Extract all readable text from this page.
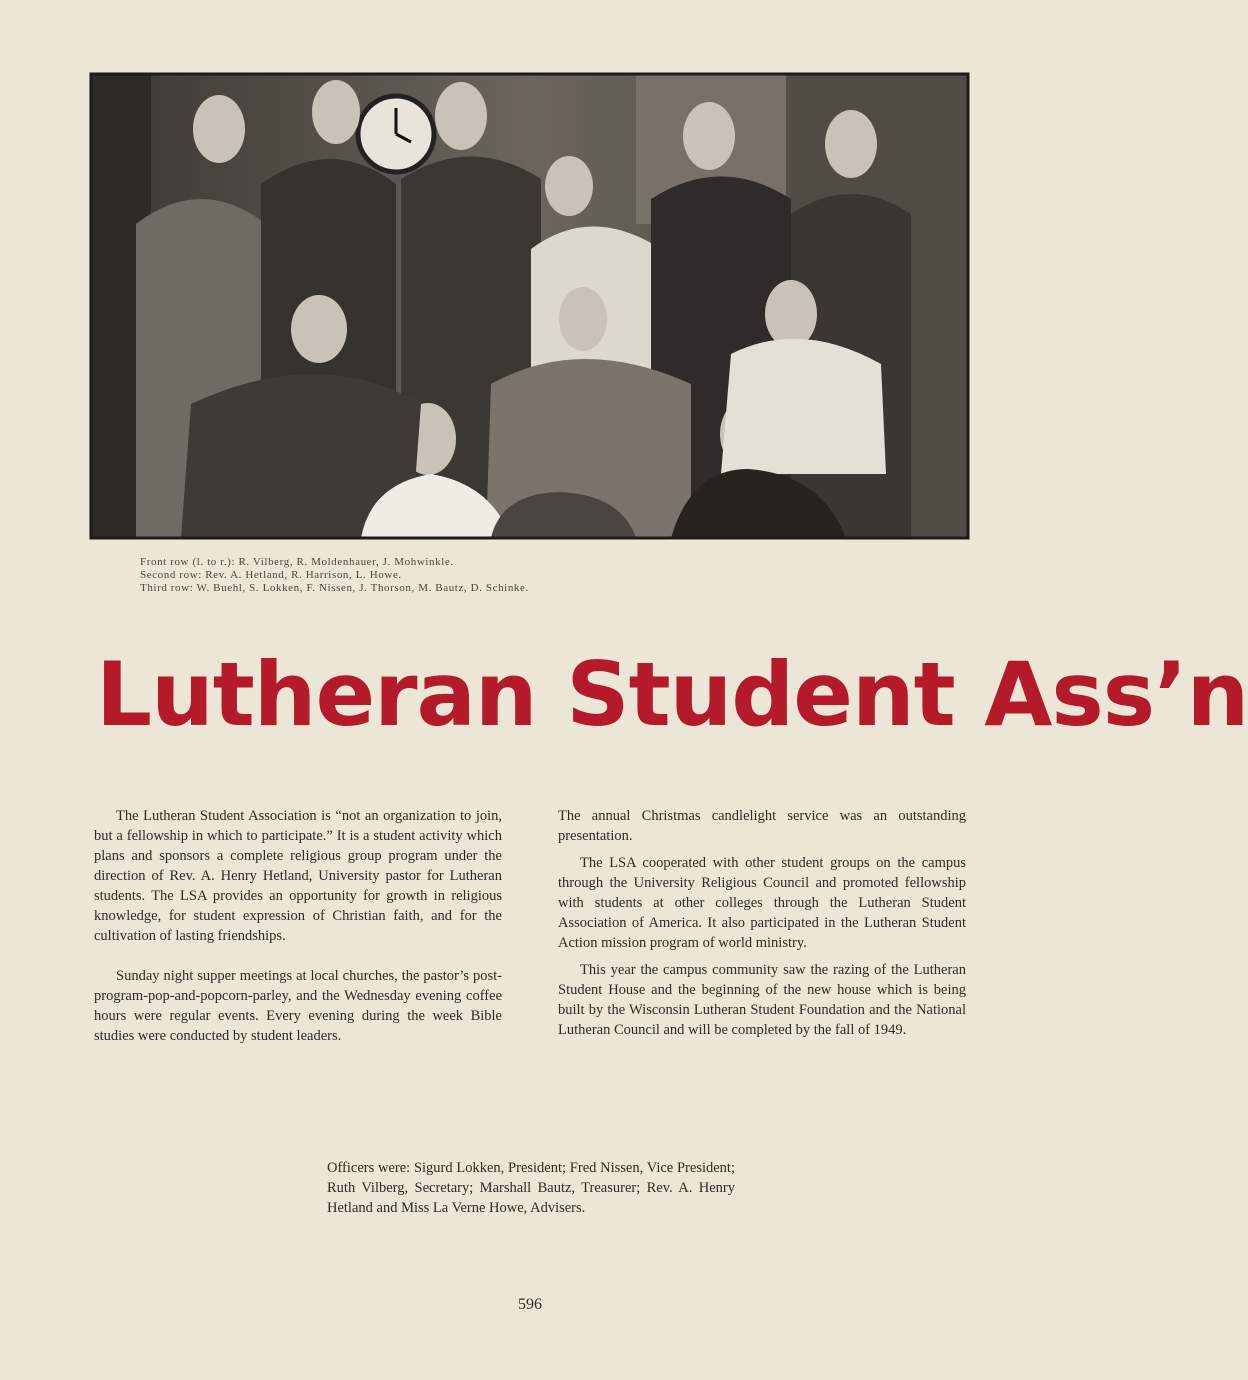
Front row (l. to r.): R. Vilberg, R. Moldenhauer, J. Mohwinkle.
Second row: Rev. A. Hetland, R. Harrison, L. Howe.
Third row: W. Buehl, S. Lokken, F. Nissen, J. Thorson, M. Bautz, D. Schinke.
Lutheran Student Ass’n

The Lutheran Student Association is “not an organization to join, but a fellowship in which to participate.” It is a student activity which plans and sponsors a complete religious group program under the direction of Rev. A. Henry Hetland, University pastor for Lutheran students. The LSA provides an opportunity for growth in religious knowledge, for student expression of Christian faith, and for the cultivation of lasting friendships.

Sunday night supper meetings at local churches, the pastor’s post-program-pop-and-popcorn-parley, and the Wednesday evening coffee hours were regular events. Every evening during the week Bible studies were conducted by student leaders.

The annual Christmas candlelight service was an outstanding presentation.

The LSA cooperated with other student groups on the campus through the University Religious Council and promoted fellowship with students at other colleges through the Lutheran Student Association of America. It also participated in the Lutheran Student Action mission program of world ministry.

This year the campus community saw the razing of the Lutheran Student House and the beginning of the new house which is being built by the Wisconsin Lutheran Student Foundation and the National Lutheran Council and will be completed by the fall of 1949.

Officers were: Sigurd Lokken, President; Fred Nissen, Vice President; Ruth Vilberg, Secretary; Marshall Bautz, Treasurer; Rev. A. Henry Hetland and Miss La Verne Howe, Advisers.
596
